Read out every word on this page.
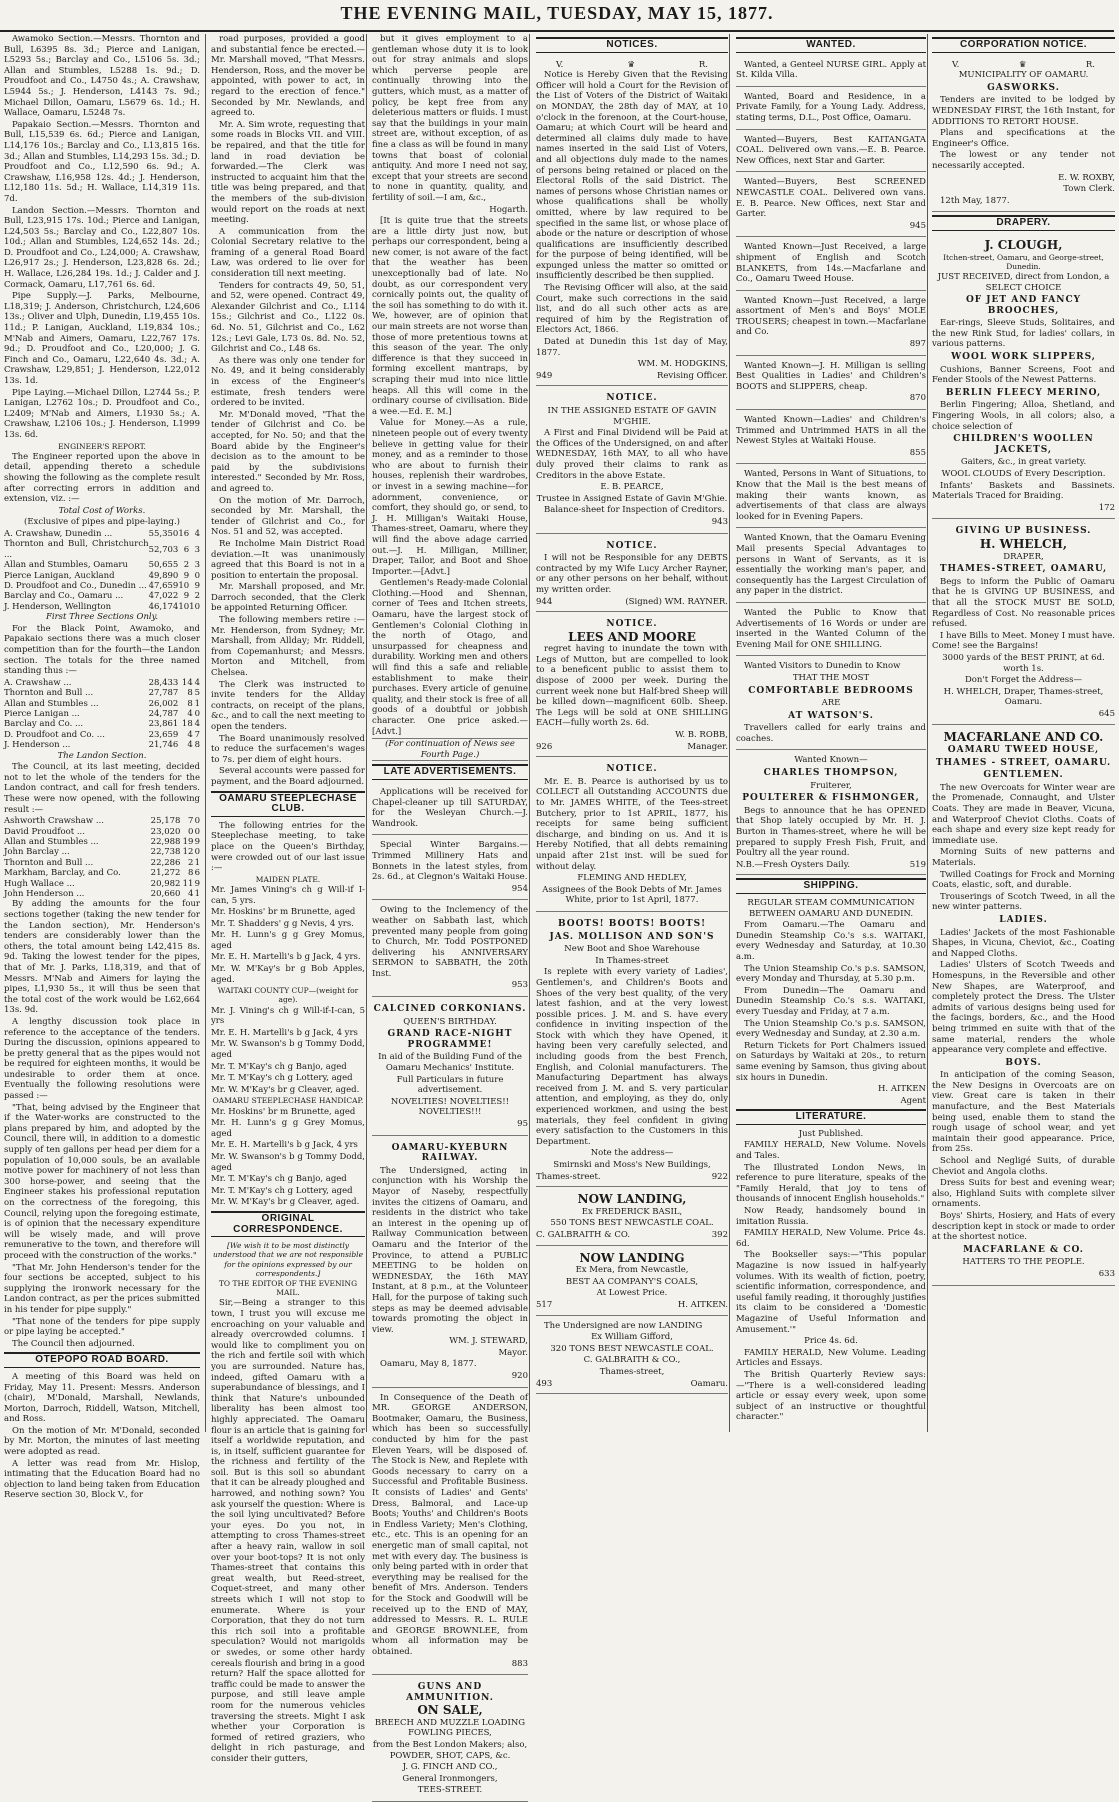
THE EVENING MAIL, TUESDAY, MAY 15, 1877.

Awamoko Section.—Messrs. Thornton and Bull, L6395 8s. 3d.; Pierce and Lanigan, L5293 5s.; Barclay and Co., L5106 5s. 3d.; Allan and Stumbles, L5288 1s. 9d.; D. Proudfoot and Co., L4750 4s.; A. Crawshaw, L5944 5s.; J. Henderson, L4143 7s. 9d.; Michael Dillon, Oamaru, L5679 6s. 1d.; H. Wallace, Oamaru, L5248 7s.

Papakaio Section.—Messrs. Thornton and Bull, L15,539 6s. 6d.; Pierce and Lanigan, L14,176 10s.; Barclay and Co., L13,815 16s. 3d.; Allan and Stumbles, L14,293 15s. 3d.; D. Proudfoot and Co., L12,590 6s. 9d.; A. Crawshaw, L16,958 12s. 4d.; J. Henderson, L12,180 11s. 5d.; H. Wallace, L14,319 11s. 7d.

Landon Section.—Messrs. Thornton and Bull, L23,915 17s. 10d.; Pierce and Lanigan, L24,503 5s.; Barclay and Co., L22,807 10s. 10d.; Allan and Stumbles, L24,652 14s. 2d.; D. Proudfoot and Co., L24,000; A. Crawshaw, L26,917 2s.; J. Henderson, L23,828 6s. 2d.; H. Wallace, L26,284 19s. 1d.; J. Calder and J. Cormack, Oamaru, L17,761 6s. 6d.

Pipe Supply.—J. Parks, Melbourne, L18,319; J. Anderson, Christchurch, L24,606 13s.; Oliver and Ulph, Dunedin, L19,455 10s. 11d.; P. Lanigan, Auckland, L19,834 10s.; M'Nab and Aimers, Oamaru, L22,767 17s. 9d.; D. Proudfoot and Co., L20,000; J. G. Finch and Co., Oamaru, L22,640 4s. 3d.; A. Crawshaw, L29,851; J. Henderson, L22,012 13s. 1d.

Pipe Laying.—Michael Dillon, L2744 5s.; P. Lanigan, L2762 10s.; D. Proudfoot and Co., L2409; M'Nab and Aimers, L1930 5s.; A. Crawshaw, L2106 10s.; J. Henderson, L1999 13s. 6d.

ENGINEER'S REPORT.

The Engineer reported upon the above in detail, appending thereto a schedule showing the following as the complete result after correcting errors in addition and extension, viz. :—

Total Cost of Works.

(Exclusive of pipes and pipe-laying.)

A. Crawshaw, Dunedin ...	55,350	16	4
Thornton and Bull, Christchurch ...	52,703	6	3
Allan and Stumbles, Oamaru	50,655	2	3
Pierce Lanigan, Auckland	49,890	9	0
D. Proudfoot and Co., Dunedin ...	47,659	10	9
Barclay and Co., Oamaru ...	47,022	9	2
J. Henderson, Wellington	46,174	10	10

First Three Sections Only.

For the Black Point, Awamoko, and Papakaio sections there was a much closer competition than for the fourth—the Landon section. The totals for the three named standing thus :—

A. Crawshaw ...	28,433	14	4
Thornton and Bull ...	27,787	8	5
Allan and Stumbles ...	26,002	8	1
Pierce Lanigan ...	24,787	4	0
Barclay and Co. ...	23,861	18	4
D. Proudfoot and Co. ...	23,659	4	7
J. Henderson ...	21,746	4	8

The Landon Section.

The Council, at its last meeting, decided not to let the whole of the tenders for the Landon contract, and call for fresh tenders. These were now opened, with the following result :—

Ashworth Crawshaw ...	25,178	7	0
David Proudfoot ...	23,020	0	0
Allan and Stumbles ...	22,988	19	9
John Barclay ...	22,738	12	0
Thornton and Bull ...	22,286	2	1
Markham, Barclay, and Co.	21,272	8	6
Hugh Wallace ...	20,982	11	9
John Henderson ...	20,660	4	1

By adding the amounts for the four sections together (taking the new tender for the Landon section), Mr. Henderson's tenders are considerably lower than the others, the total amount being L42,415 8s. 9d. Taking the lowest tender for the pipes, that of Mr. J. Parks, L18,319, and that of Messrs. M'Nab and Aimers for laying the pipes, L1,930 5s., it will thus be seen that the total cost of the work would be L62,664 13s. 9d.

A lengthy discussion took place in reference to the acceptance of the tenders. During the discussion, opinions appeared to be pretty general that as the pipes would not be required for eighteen months, it would be undesirable to order them at once. Eventually the following resolutions were passed :—

"That, being advised by the Engineer that if the Water-works are constructed to the plans prepared by him, and adopted by the Council, there will, in addition to a domestic supply of ten gallons per head per diem for a population of 10,000 souls, be an available motive power for machinery of not less than 300 horse-power, and seeing that the Engineer stakes his professional reputation on the correctness of the foregoing, this Council, relying upon the foregoing estimate, is of opinion that the necessary expenditure will be wisely made, and will prove remunerative to the town, and therefore will proceed with the construction of the works."

"That Mr. John Henderson's tender for the four sections be accepted, subject to his supplying the ironwork necessary for the Landon contract, as per the prices submitted in his tender for pipe supply."

"That none of the tenders for pipe supply or pipe laying be accepted."

The Council then adjourned.

OTEPOPO ROAD BOARD.

A meeting of this Board was held on Friday, May 11. Present: Messrs. Anderson (chair), M'Donald, Marshall, Newlands, Morton, Darroch, Riddell, Watson, Mitchell, and Ross.

On the motion of Mr. M'Donald, seconded by Mr. Morton, the minutes of last meeting were adopted as read.

A letter was read from Mr. Hislop, intimating that the Education Board had no objection to land being taken from Education Reserve section 30, Block V., for

road purposes, provided a good and substantial fence be erected.—Mr. Marshall moved, "That Messrs. Henderson, Ross, and the mover be appointed, with power to act, in regard to the erection of fence." Seconded by Mr. Newlands, and agreed to.

Mr. A. Sim wrote, requesting that some roads in Blocks VII. and VIII. be repaired, and that the title for land in road deviation be forwarded.—The Clerk was instructed to acquaint him that the title was being prepared, and that the members of the sub-division would report on the roads at next meeting.

A communication from the Colonial Secretary relative to the framing of a general Road Board Law, was ordered to lie over for consideration till next meeting.

Tenders for contracts 49, 50, 51, and 52, were opened. Contract 49, Alexander Gilchrist and Co., L114 15s.; Gilchrist and Co., L122 0s. 6d. No. 51, Gilchrist and Co., L62 12s.; Levi Gale, L73 0s. 8d. No. 52, Gilchrist and Co., L48 6s.

As there was only one tender for No. 49, and it being considerably in excess of the Engineer's estimate, fresh tenders were ordered to be invited.

Mr. M'Donald moved, "That the tender of Gilchrist and Co. be accepted, for No. 50; and that the Board abide by the Engineer's decision as to the amount to be paid by the subdivisions interested." Seconded by Mr. Ross, and agreed to.

On the motion of Mr. Darroch, seconded by Mr. Marshall, the tender of Gilchrist and Co., for Nos. 51 and 52, was accepted.

Re Incholme Main District Road deviation.—It was unanimously agreed that this Board is not in a position to entertain the proposal.

Mr. Marshall proposed, and Mr. Darroch seconded, that the Clerk be appointed Returning Officer.

The following members retire :—Mr. Henderson, from Sydney; Mr. Marshall, from Allday; Mr. Riddell, from Copemanhurst; and Messrs. Morton and Mitchell, from Chelsea.

The Clerk was instructed to invite tenders for the Allday contracts, on receipt of the plans, &c., and to call the next meeting to open the tenders.

The Board unanimously resolved to reduce the surfacemen's wages to 7s. per diem of eight hours.

Several accounts were passed for payment, and the Board adjourned.

OAMARU STEEPLECHASE CLUB.

The following entries for the Steeplechase meeting, to take place on the Queen's Birthday, were crowded out of our last issue :—

MAIDEN PLATE.

Mr. James Vining's ch g Will-if I-can, 5 yrs.

Mr. Hoskins' br m Brunette, aged

Mr. T. Shadders' g g Nevis, 4 yrs.

Mr. H. Lunn's g g Grey Momus, aged

Mr. E. H. Martelli's b g Jack, 4 yrs.

Mr. W. M'Kay's br g Bob Apples, aged.

WAITAKI COUNTY CUP—(weight for age).

Mr. J. Vining's ch g Will-if-I-can, 5 yrs

Mr. E. H. Martelli's b g Jack, 4 yrs

Mr. W. Swanson's b g Tommy Dodd, aged

Mr. T. M'Kay's ch g Banjo, aged

Mr. T. M'Kay's ch g Lottery, aged

Mr. W. M'Kay's br g Cleaver, aged.

OAMARU STEEPLECHASE HANDICAP.

Mr. Hoskins' br m Brunette, aged

Mr. H. Lunn's g g Grey Momus, aged

Mr. E. H. Martelli's b g Jack, 4 yrs

Mr. W. Swanson's b g Tommy Dodd, aged

Mr. T. M'Kay's ch g Banjo, aged

Mr. T. M'Kay's ch g Lottery, aged

Mr. W. M'Kay's br g Cleaver, aged.

ORIGINAL CORRESPONDENCE.

[We wish it to be most distinctly understood that we are not responsible for the opinions expressed by our correspondents.]

TO THE EDITOR OF THE EVENING MAIL.

Sir,—Being a stranger to this town, I trust you will excuse me encroaching on your valuable and already overcrowded columns. I would like to compliment you on the rich and fertile soil with which you are surrounded. Nature has, indeed, gifted Oamaru with a superabundance of blessings, and I think that Nature's unbounded liberality has been almost too highly appreciated. The Oamaru flour is an article that is gaining for itself a worldwide reputation, and is, in itself, sufficient guarantee for the richness and fertility of the soil. But is this soil so abundant that it can be already ploughed and harrowed, and nothing sown? You ask yourself the question: Where is the soil lying uncultivated? Before your eyes. Do you not, in attempting to cross Thames-street after a heavy rain, wallow in soil over your boot-tops? It is not only Thames-street that contains this great wealth, but Reed-street, Coquet-street, and many other streets which I will not stop to enumerate. Where is your Corporation, that they do not turn this rich soil into a profitable speculation? Would not marigolds or swedes, or some other hardy cereals flourish and bring in a good return? Half the space allotted for traffic could be made to answer the purpose, and still leave ample room for the numerous vehicles traversing the streets. Might I ask whether your Corporation is formed of retired graziers, who delight in rich pasturage, and consider their gutters,

but it gives employment to a gentleman whose duty it is to look out for stray animals and slops which perverse people are continually throwing into the gutters, which must, as a matter of policy, be kept free from any deleterious matters or fluids. I must say that the buildings in your main street are, without exception, of as fine a class as will be found in many towns that boast of colonial antiquity. And more I need not say, except that your streets are second to none in quantity, quality, and fertility of soil.—I am, &c.,

Hogarth.

[It is quite true that the streets are a little dirty just now, but perhaps our correspondent, being a new comer, is not aware of the fact that the weather has been unexceptionally bad of late. No doubt, as our correspondent very cornically points out, the quality of the soil has something to do with it. We, however, are of opinion that our main streets are not worse than those of more pretentious towns at this season of the year. The only difference is that they succeed in forming excellent mantraps, by scraping their mud into nice little heaps. All this will come in the ordinary course of civilisation. Bide a wee.—Ed. E. M.]

Value for Money.—As a rule, nineteen people out of every twenty believe in getting value for their money, and as a reminder to those who are about to furnish their houses, replenish their wardrobes, or invest in a sewing machine—for adornment, convenience, or comfort, they should go, or send, to J. H. Milligan's Waitaki House, Thames-street, Oamaru, where they will find the above adage carried out.—J. H. Milligan, Milliner, Draper, Tailor, and Boot and Shoe Importer.—[Advt.]

Gentlemen's Ready-made Colonial Clothing.—Hood and Shennan, corner of Tees and Itchen streets, Oamaru, have the largest stock of Gentlemen's Colonial Clothing in the north of Otago, and unsurpassed for cheapness and durability. Working men and others will find this a safe and reliable establishment to make their purchases. Every article of genuine quality, and their stock is free of all goods of a doubtful or jobbish character. One price asked.—[Advt.]

(For continuation of News see Fourth Page.)

LATE ADVERTISEMENTS.

Applications will be received for Chapel-cleaner up till SATURDAY, for the Wesleyan Church.—J. Wandrook.

Special Winter Bargains.—Trimmed Millinery Hats and Bonnets in the latest styles, from 2s. 6d., at Clegnon's Waitaki House.

954

Owing to the Inclemency of the weather on Sabbath last, which prevented many people from going to Church, Mr. Todd POSTPONED delivering his ANNIVERSARY SERMON to SABBATH, the 20th Inst.

953

CALCINED CORKONIANS.

QUEEN'S BIRTHDAY.

GRAND RACE-NIGHT PROGRAMME!

In aid of the Building Fund of the Oamaru Mechanics' Institute.

Full Particulars in future advertisement.

NOVELTIES! NOVELTIES!! NOVELTIES!!!

95

OAMARU-KYEBURN RAILWAY.

The Undersigned, acting in conjunction with his Worship the Mayor of Naseby, respectfully invites the citizens of Oamaru, and residents in the district who take an interest in the opening up of Railway Communication between Oamaru and the Interior of the Province, to attend a PUBLIC MEETING to be holden on WEDNESDAY, the 16th MAY Instant, at 8 p.m., at the Volunteer Hall, for the purpose of taking such steps as may be deemed advisable towards promoting the object in view.

WM. J. STEWARD,

Mayor.

Oamaru, May 8, 1877.

920

In Consequence of the Death of MR. GEORGE ANDERSON, Bootmaker, Oamaru, the Business, which has been so successfully conducted by him for the past Eleven Years, will be disposed of. The Stock is New, and Replete with Goods necessary to carry on a Successful and Profitable Business. It consists of Ladies' and Gents' Dress, Balmoral, and Lace-up Boots; Youths' and Children's Boots in Endless Variety; Men's Clothing, etc., etc. This is an opening for an energetic man of small capital, not met with every day. The business is only being parted with in order that everything may be realised for the benefit of Mrs. Anderson. Tenders for the Stock and Goodwill will be received up to the END of MAY, addressed to Messrs. R. L. RULE and GEORGE BROWNLEE, from whom all information may be obtained.

883

GUNS AND AMMUNITION.

ON SALE,

BREECH AND MUZZLE LOADING FOWLING PIECES,

from the Best London Makers; also, POWDER, SHOT, CAPS, &c.

J. G. FINCH AND CO.,

General Ironmongers,

TEES-STREET.

NOTICES.
V.	♛	R.

Notice is Hereby Given that the Revising Officer will hold a Court for the Revision of the List of Voters of the District of Waitaki on MONDAY, the 28th day of MAY, at 10 o'clock in the forenoon, at the Court-house, Oamaru; at which Court will be heard and determined all claims duly made to have names inserted in the said List of Voters, and all objections duly made to the names of persons being retained or placed on the Electoral Rolls of the said District. The names of persons whose Christian names or whose qualifications shall be wholly omitted, where by law required to be specified in the same list, or whose place of abode or the nature or description of whose qualifications are insufficiently described for the purpose of being identified, will be expunged unless the matter so omitted or insufficiently described be then supplied.

The Revising Officer will also, at the said Court, make such corrections in the said list, and do all such other acts as are required of him by the Registration of Electors Act, 1866.

Dated at Dunedin this 1st day of May, 1877.

WM. M. HODGKINS,

949	Revising Officer.

NOTICE.

IN THE ASSIGNED ESTATE OF GAVIN M'GHIE.

A First and Final Dividend will be Paid at the Offices of the Undersigned, on and after WEDNESDAY, 16th MAY, to all who have duly proved their claims to rank as Creditors in the above Estate.

E. B. PEARCE,

Trustee in Assigned Estate of Gavin M'Ghie.

Balance-sheet for Inspection of Creditors.

943

NOTICE.

I will not be Responsible for any DEBTS contracted by my Wife Lucy Archer Rayner, or any other persons on her behalf, without my written order.

944	(Signed) WM. RAYNER.

NOTICE.

LEES AND MOORE

regret having to inundate the town with Legs of Mutton, but are compelled to look to a beneficent public to assist them to dispose of 2000 per week. During the current week none but Half-bred Sheep will be killed down—magnificent 60lb. Sheep. The Legs will be sold at ONE SHILLING EACH—fully worth 2s. 6d.

W. B. ROBB,

926	Manager.

NOTICE.

Mr. E. B. Pearce is authorised by us to COLLECT all Outstanding ACCOUNTS due to Mr. JAMES WHITE, of the Tees-street Butchery, prior to 1st APRIL, 1877, his receipts for same being sufficient discharge, and binding on us. And it is Hereby Notified, that all debts remaining unpaid after 21st inst. will be sued for without delay.

FLEMING AND HEDLEY,

Assignees of the Book Debts of Mr. James White, prior to 1st April, 1877.

BOOTS! BOOTS! BOOTS!

JAS. MOLLISON AND SON'S

New Boot and Shoe Warehouse

In Thames-street

Is replete with every variety of Ladies', Gentlemen's, and Children's Boots and Shoes of the very best quality, of the very latest fashion, and at the very lowest possible prices. J. M. and S. have every confidence in inviting inspection of the Stock with which they have Opened, it having been very carefully selected, and including goods from the best French, English, and Colonial manufacturers. The Manufacturing Department has always received from J. M. and S. very particular attention, and employing, as they do, only experienced workmen, and using the best materials, they feel confident in giving every satisfaction to the Customers in this Department.

Note the address—

Smirnski and Moss's New Buildings,

Thames-street.	922

NOW LANDING,

Ex FREDERICK BASIL,

550 TONS BEST NEWCASTLE COAL.

C. GALBRAITH & CO.	392

NOW LANDING

Ex Mera, from Newcastle,

BEST AA COMPANY'S COALS,

At Lowest Price.

517	H. AITKEN.

The Undersigned are now LANDING

Ex William Gifford,

320 TONS BEST NEWCASTLE COAL.

C. GALBRAITH & CO.,

Thames-street,

493	Oamaru.
WANTED.

Wanted, a Genteel NURSE GIRL. Apply at St. Kilda Villa.

Wanted, Board and Residence, in a Private Family, for a Young Lady. Address, stating terms, D.L., Post Office, Oamaru.

Wanted—Buyers, Best KAITANGATA COAL. Delivered own vans.—E. B. Pearce. New Offices, next Star and Garter.

Wanted—Buyers, Best SCREENED NEWCASTLE COAL. Delivered own vans. E. B. Pearce. New Offices, next Star and Garter.

945

Wanted Known—Just Received, a large shipment of English and Scotch BLANKETS, from 14s.—Macfarlane and Co., Oamaru Tweed House.

Wanted Known—Just Received, a large assortment of Men's and Boys' MOLE TROUSERS; cheapest in town.—Macfarlane and Co.

897

Wanted Known—J. H. Milligan is selling Best Qualities in Ladies' and Children's BOOTS and SLIPPERS, cheap.

870

Wanted Known—Ladies' and Children's Trimmed and Untrimmed HATS in all the Newest Styles at Waitaki House.

855

Wanted, Persons in Want of Situations, to Know that the Mail is the best means of making their wants known, as advertisements of that class are always looked for in Evening Papers.

Wanted Known, that the Oamaru Evening Mail presents Special Advantages to persons in Want of Servants, as it is essentially the working man's paper, and consequently has the Largest Circulation of any paper in the district.

Wanted the Public to Know that Advertisements of 16 Words or under are inserted in the Wanted Column of the Evening Mail for ONE SHILLING.

Wanted Visitors to Dunedin to Know

THAT THE MOST

COMFORTABLE BEDROOMS

ARE

AT WATSON'S.

Travellers called for early trains and coaches.

Wanted Known—

CHARLES THOMPSON,

Fruiterer,

POULTERER & FISHMONGER,

Begs to announce that he has OPENED that Shop lately occupied by Mr. H. J. Burton in Thames-street, where he will be prepared to supply Fresh Fish, Fruit, and Poultry all the year round.

N.B.—Fresh Oysters Daily.	519
SHIPPING.

REGULAR STEAM COMMUNICATION BETWEEN OAMARU AND DUNEDIN.

From Oamaru.—The Oamaru and Dunedin Steamship Co.'s s.s. WAITAKI, every Wednesday and Saturday, at 10.30 a.m.

The Union Steamship Co.'s p.s. SAMSON, every Monday and Thursday, at 5.30 p.m.

From Dunedin—The Oamaru and Dunedin Steamship Co.'s s.s. WAITAKI, every Tuesday and Friday, at 7 a.m.

The Union Steamship Co.'s p.s. SAMSON, every Wednesday and Sunday, at 2.30 a.m.

Return Tickets for Port Chalmers issued on Saturdays by Waitaki at 20s., to return same evening by Samson, thus giving about six hours in Dunedin.

H. AITKEN

Agent

LITERATURE.

Just Published.

FAMILY HERALD, New Volume. Novels and Tales.

The Illustrated London News, in reference to pure literature, speaks of the "Family Herald, that joy to tens of thousands of innocent English households."

Now Ready, handsomely bound in imitation Russia.

FAMILY HERALD, New Volume. Price 4s. 6d.

The Bookseller says:—"This popular Magazine is now issued in half-yearly volumes. With its wealth of fiction, poetry, scientific information, correspondence, and useful family reading, it thoroughly justifies its claim to be considered a 'Domestic Magazine of Useful Information and Amusement.'"

Price 4s. 6d.

FAMILY HERALD, New Volume. Leading Articles and Essays.

The British Quarterly Review says:—"There is a well-considered leading article or essay every week, upon some subject of an instructive or thoughtful character."

CORPORATION NOTICE.
V.	♛	R.

MUNICIPALITY OF OAMARU.

GASWORKS.

Tenders are invited to be lodged by WEDNESDAY FIRST, the 16th Instant, for ADDITIONS TO RETORT HOUSE.

Plans and specifications at the Engineer's Office.

The lowest or any tender not necessarily accepted.

E. W. ROXBY,

Town Clerk.

12th May, 1877.

DRAPERY.

J. CLOUGH,

Itchen-street, Oamaru, and George-street, Dunedin.

JUST RECEIVED, direct from London, a SELECT CHOICE

OF JET AND FANCY BROOCHES,

Ear-rings, Sleeve Studs, Solitaires, and the new Rink Stud, for ladies' collars, in various patterns.

WOOL WORK SLIPPERS,

Cushions, Banner Screens, Foot and Fender Stools of the Newest Patterns.

BERLIN FLEECY MERINO,

Berlin Fingering; Alloa, Shetland, and Fingering Wools, in all colors; also, a choice selection of

CHILDREN'S WOOLLEN JACKETS,

Gaiters, &c., in great variety.

WOOL CLOUDS of Every Description.

Infants' Baskets and Bassinets. Materials Traced for Braiding.

172

GIVING UP BUSINESS.

H. WHELCH,

DRAPER,

THAMES-STREET, OAMARU,

Begs to inform the Public of Oamaru that he is GIVING UP BUSINESS, and that all the STOCK MUST BE SOLD, Regardless of Cost. No reasonable prices refused.

I have Bills to Meet. Money I must have. Come! see the Bargains!

3000 yards of the BEST PRINT, at 6d. worth 1s.

Don't Forget the Address—

H. WHELCH, Draper, Thames-street, Oamaru.

645

MACFARLANE AND CO.

OAMARU TWEED HOUSE,

THAMES - STREET, OAMARU.

GENTLEMEN.

The new Overcoats for Winter wear are the Promenade, Connaught, and Ulster Coats. They are made in Beaver, Vicuna, and Waterproof Cheviot Cloths. Coats of each shape and every size kept ready for immediate use.

Morning Suits of new patterns and Materials.

Twilled Coatings for Frock and Morning Coats, elastic, soft, and durable.

Trouserings of Scotch Tweed, in all the new winter patterns.

LADIES.

Ladies' Jackets of the most Fashionable Shapes, in Vicuna, Cheviot, &c., Coating and Napped Cloths.

Ladies' Ulsters of Scotch Tweeds and Homespuns, in the Reversible and other New Shapes, are Waterproof, and completely protect the Dress. The Ulster admits of various designs being used for the facings, borders, &c., and the Hood being trimmed en suite with that of the same material, renders the whole appearance very complete and effective.

BOYS.

In anticipation of the coming Season, the New Designs in Overcoats are on view. Great care is taken in their manufacture, and the Best Materials being used, enable them to stand the rough usage of school wear, and yet maintain their good appearance. Price, from 25s.

School and Negligé Suits, of durable Cheviot and Angola cloths.

Dress Suits for best and evening wear; also, Highland Suits with complete silver ornaments.

Boys' Shirts, Hosiery, and Hats of every description kept in stock or made to order at the shortest notice.

MACFARLANE & CO.

HATTERS TO THE PEOPLE.

633
